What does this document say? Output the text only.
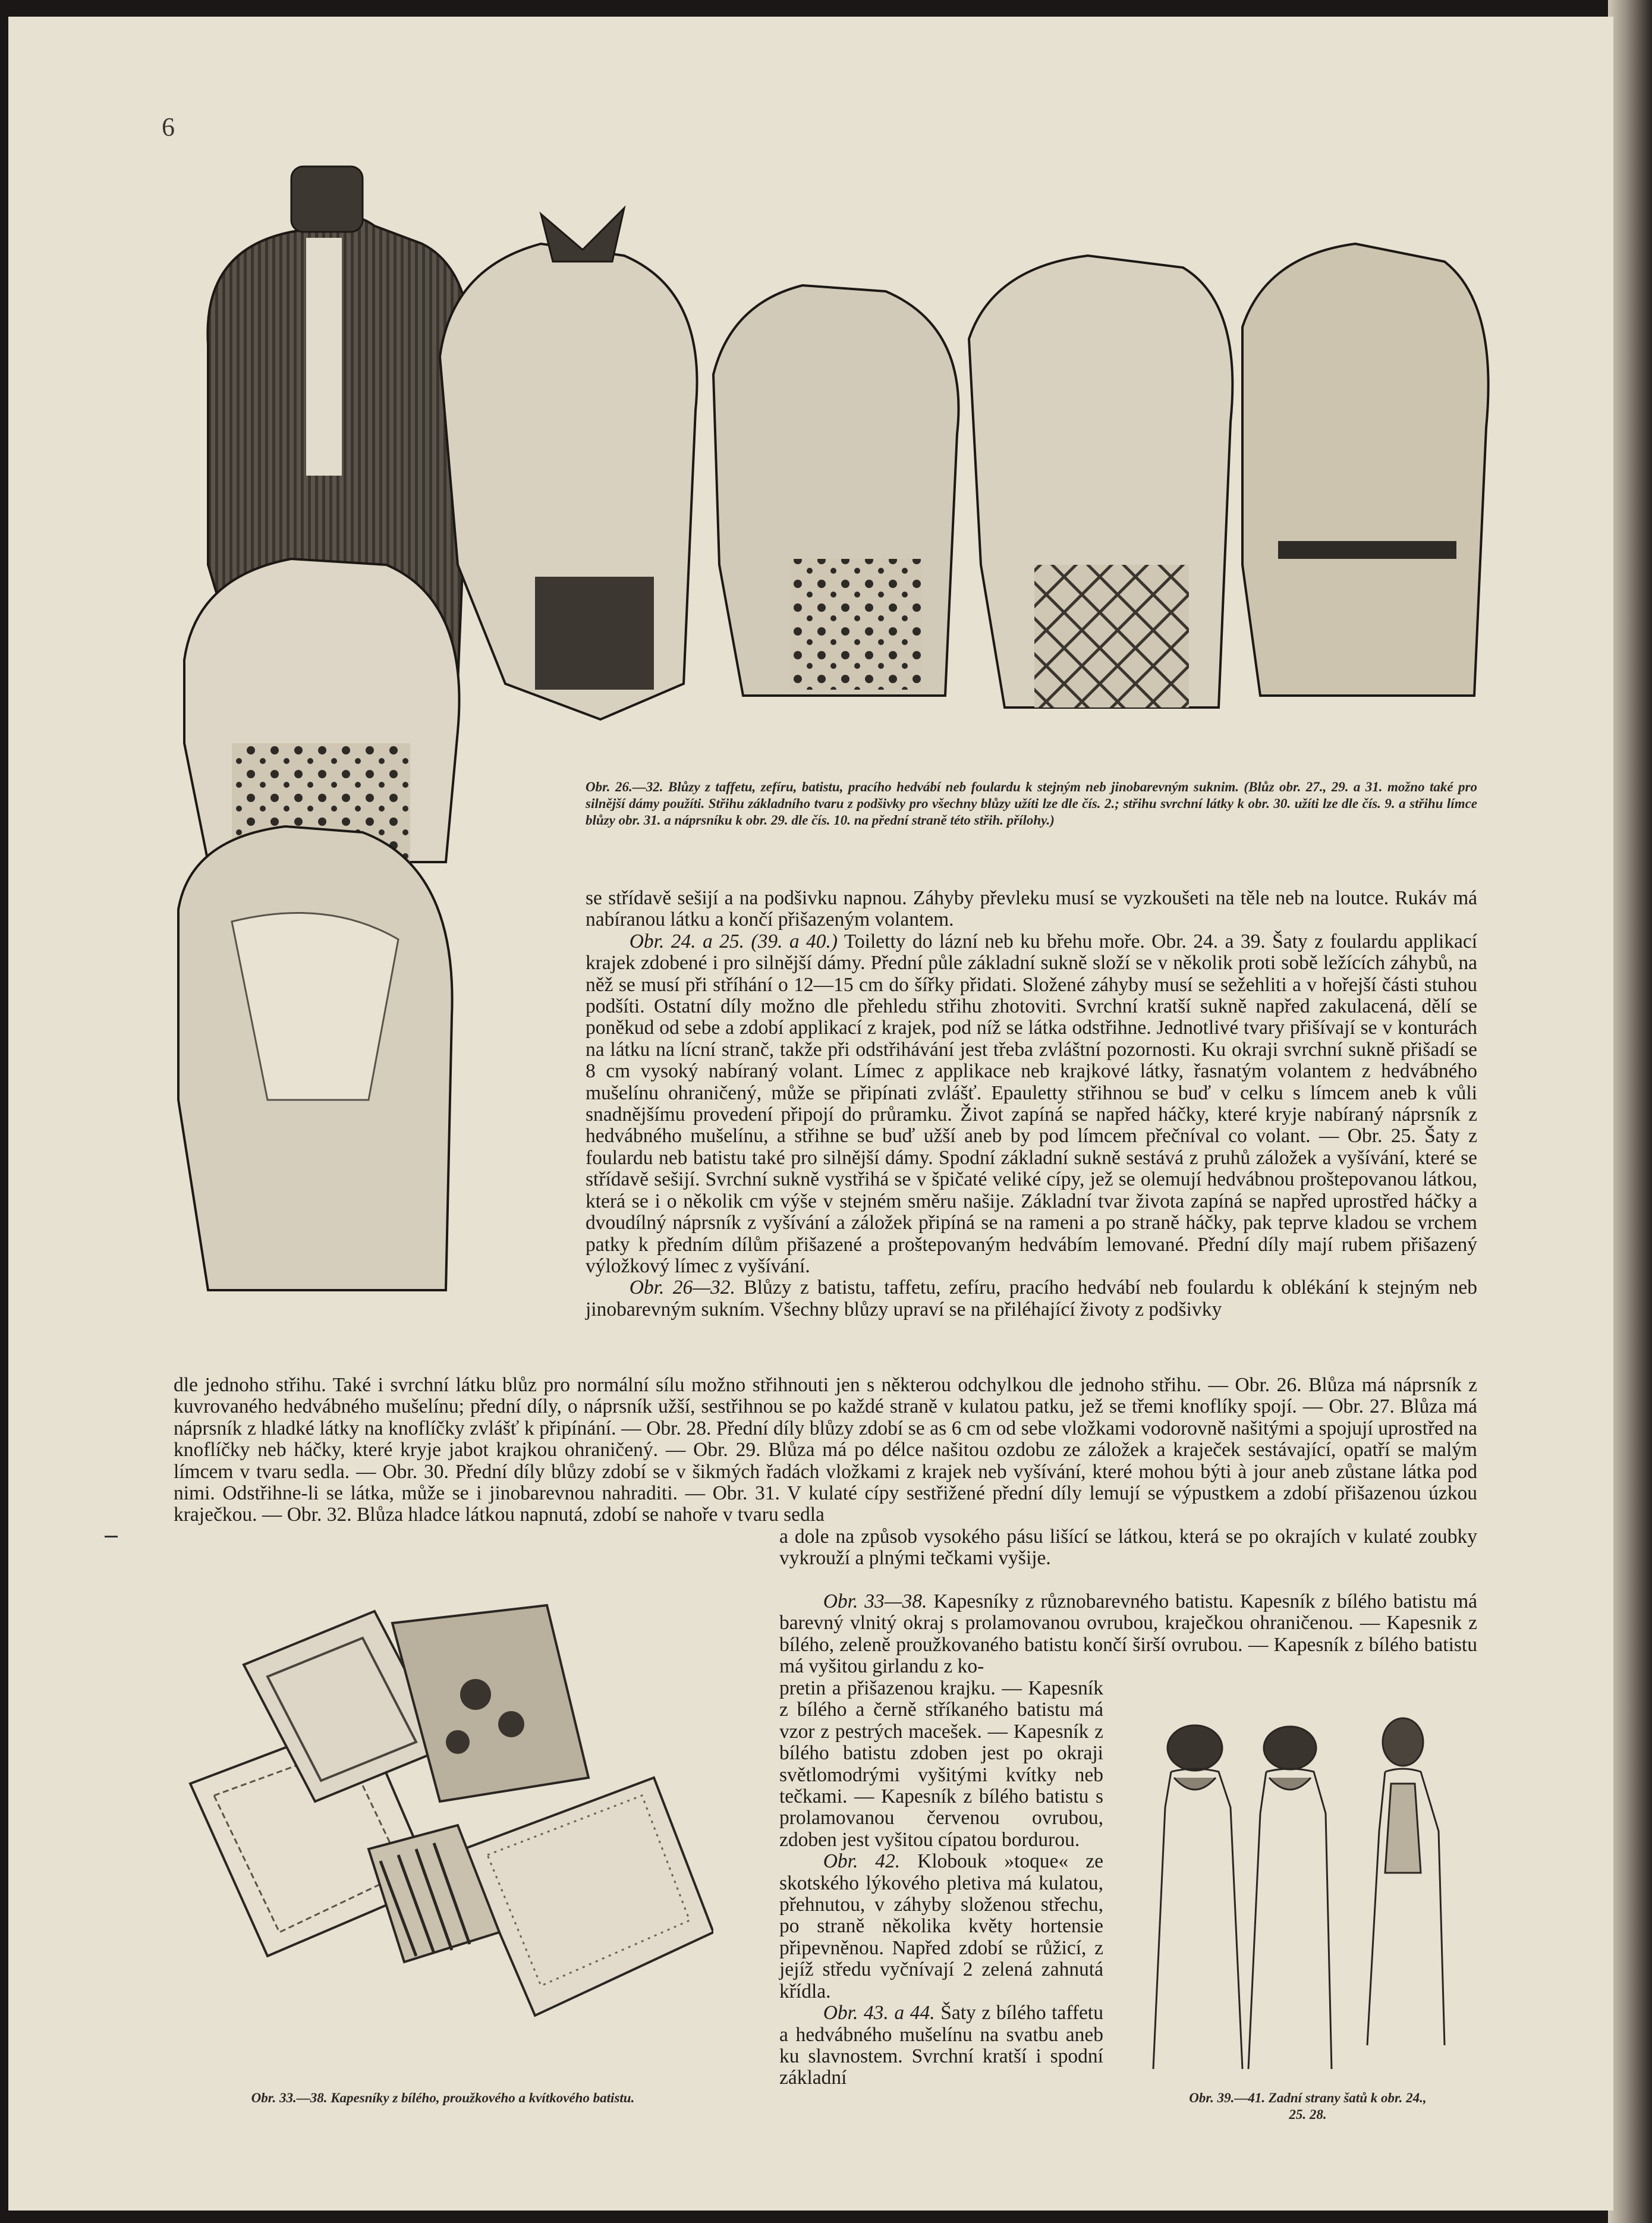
6
Obr. 26.—32. Blůzy z taffetu, zefíru, batistu, pracího hedvábí neb foulardu k stejným neb jinobarevným suknim. (Blůz obr. 27., 29. a 31. možno také pro silnější dámy použíti. Střihu základního tvaru z podšivky pro všechny blůzy užíti lze dle čís. 2.; střihu svrchní látky k obr. 30. užíti lze dle čís. 9. a střihu límce blůzy obr. 31. a náprsníku k obr. 29. dle čís. 10. na přední straně této střih. přílohy.)

se střídavě sešijí a na podšivku napnou. Záhyby převleku musí se vyzkoušeti na těle neb na loutce. Rukáv má nabíranou látku a končí přišazeným volantem.

Obr. 24. a 25. (39. a 40.) Toiletty do lázní neb ku břehu moře. Obr. 24. a 39. Šaty z foulardu applikací krajek zdobené i pro silnější dámy. Přední půle základní sukně složí se v několik proti sobě ležících záhybů, na něž se musí při stříhání o 12—15 cm do šířky přidati. Složené záhyby musí se sežehliti a v hořejší části stuhou podšíti. Ostatní díly možno dle přehledu střihu zhotoviti. Svrchní kratší sukně napřed zakulacená, dělí se poněkud od sebe a zdobí applikací z krajek, pod níž se látka odstřihne. Jednotlivé tvary přišívají se v konturách na látku na lícní stranč, takže při odstřihávání jest třeba zvláštní pozornosti. Ku okraji svrchní sukně přišadí se 8 cm vysoký nabíraný volant. Límec z applikace neb krajkové látky, řasnatým volantem z hedvábného mušelínu ohraničený, může se připínati zvlášť. Epauletty střihnou se buď v celku s límcem aneb k vůli snadnějšímu provedení připojí do průramku. Život zapíná se napřed háčky, které kryje nabíraný náprsník z hedvábného mušelínu, a střihne se buď užší aneb by pod límcem přečníval co volant. — Obr. 25. Šaty z foulardu neb batistu také pro silnější dámy. Spodní základní sukně sestává z pruhů záložek a vyšívání, které se střídavě sešijí. Svrchní sukně vystřihá se v špičaté veliké cípy, jež se olemují hedvábnou proštepovanou látkou, která se i o několik cm výše v stejném směru našije. Základní tvar života zapíná se napřed uprostřed háčky a dvoudílný náprsník z vyšívání a záložek připíná se na rameni a po straně háčky, pak teprve kladou se vrchem patky k předním dílům přišazené a proštepovaným hedvábím lemované. Přední díly mají rubem přišazený výložkový límec z vyšívání.

Obr. 26—32. Blůzy z batistu, taffetu, zefíru, pracího hedvábí neb foulardu k oblékání k stejným neb jinobarevným sukním. Všechny blůzy upraví se na přiléhající životy z podšivky

dle jednoho střihu. Také i svrchní látku blůz pro normální sílu možno střihnouti jen s některou odchylkou dle jednoho střihu. — Obr. 26. Blůza má náprsník z kuvrovaného hedvábného mušelínu; přední díly, o náprsník užší, sestřihnou se po každé straně v kulatou patku, jež se třemi knoflíky spojí. — Obr. 27. Blůza má náprsník z hladké látky na knoflíčky zvlášť k připínání. — Obr. 28. Přední díly blůzy zdobí se as 6 cm od sebe vložkami vodorovně našitými a spojují uprostřed na knoflíčky neb háčky, které kryje jabot krajkou ohraničený. — Obr. 29. Blůza má po délce našitou ozdobu ze záložek a kraječek sestávající, opatří se malým límcem v tvaru sedla. — Obr. 30. Přední díly blůzy zdobí se v šikmých řadách vložkami z krajek neb vyšívání, které mohou býti à jour aneb zůstane látka pod nimi. Odstřihne-li se látka, může se i jinobarevnou nahraditi. — Obr. 31. V kulaté cípy sestřižené přední díly lemují se výpustkem a zdobí přišazenou úzkou kraječkou. — Obr. 32. Blůza hladce látkou napnutá, zdobí se nahoře v tvaru sedla
a dole na způsob vysokého pásu lišící se látkou, která se po okrajích v kulaté zoubky vykrouží a plnými tečkami vyšije.
Obr. 33—38. Kapesníky z různobarevného batistu. Kapesník z bílého batistu má barevný vlnitý okraj s prolamovanou ovrubou, kraječkou ohraničenou. — Kapesnik z bílého, zeleně proužkovaného batistu končí širší ovrubou. — Kapesník z bílého batistu má vyšitou girlandu z ko-

pretin a přišazenou krajku. — Kapesník z bílého a černě stříkaného batistu má vzor z pestrých macešek. — Kapesník z bílého batistu zdoben jest po okraji světlomodrými vyšitými kvítky neb tečkami. — Kapesník z bílého batistu s prolamovanou červenou ovrubou, zdoben jest vyšitou cípatou bordurou.

Obr. 42. Klobouk »toque« ze skotského lýkového pletiva má kulatou, přehnutou, v záhyby složenou střechu, po straně několika květy hortensie připevněnou. Napřed zdobí se růžicí, z jejíž středu vyčnívají 2 zelená zahnutá křídla.

Obr. 43. a 44. Šaty z bílého taffetu a hedvábného mušelínu na svatbu aneb ku slavnostem. Svrchní kratší i spodní základní

Obr. 33.—38. Kapesníky z bílého, proužkového a kvítkového batistu.	Obr. 39.—41. Zadní strany šatů k obr. 24., 25. 28.
